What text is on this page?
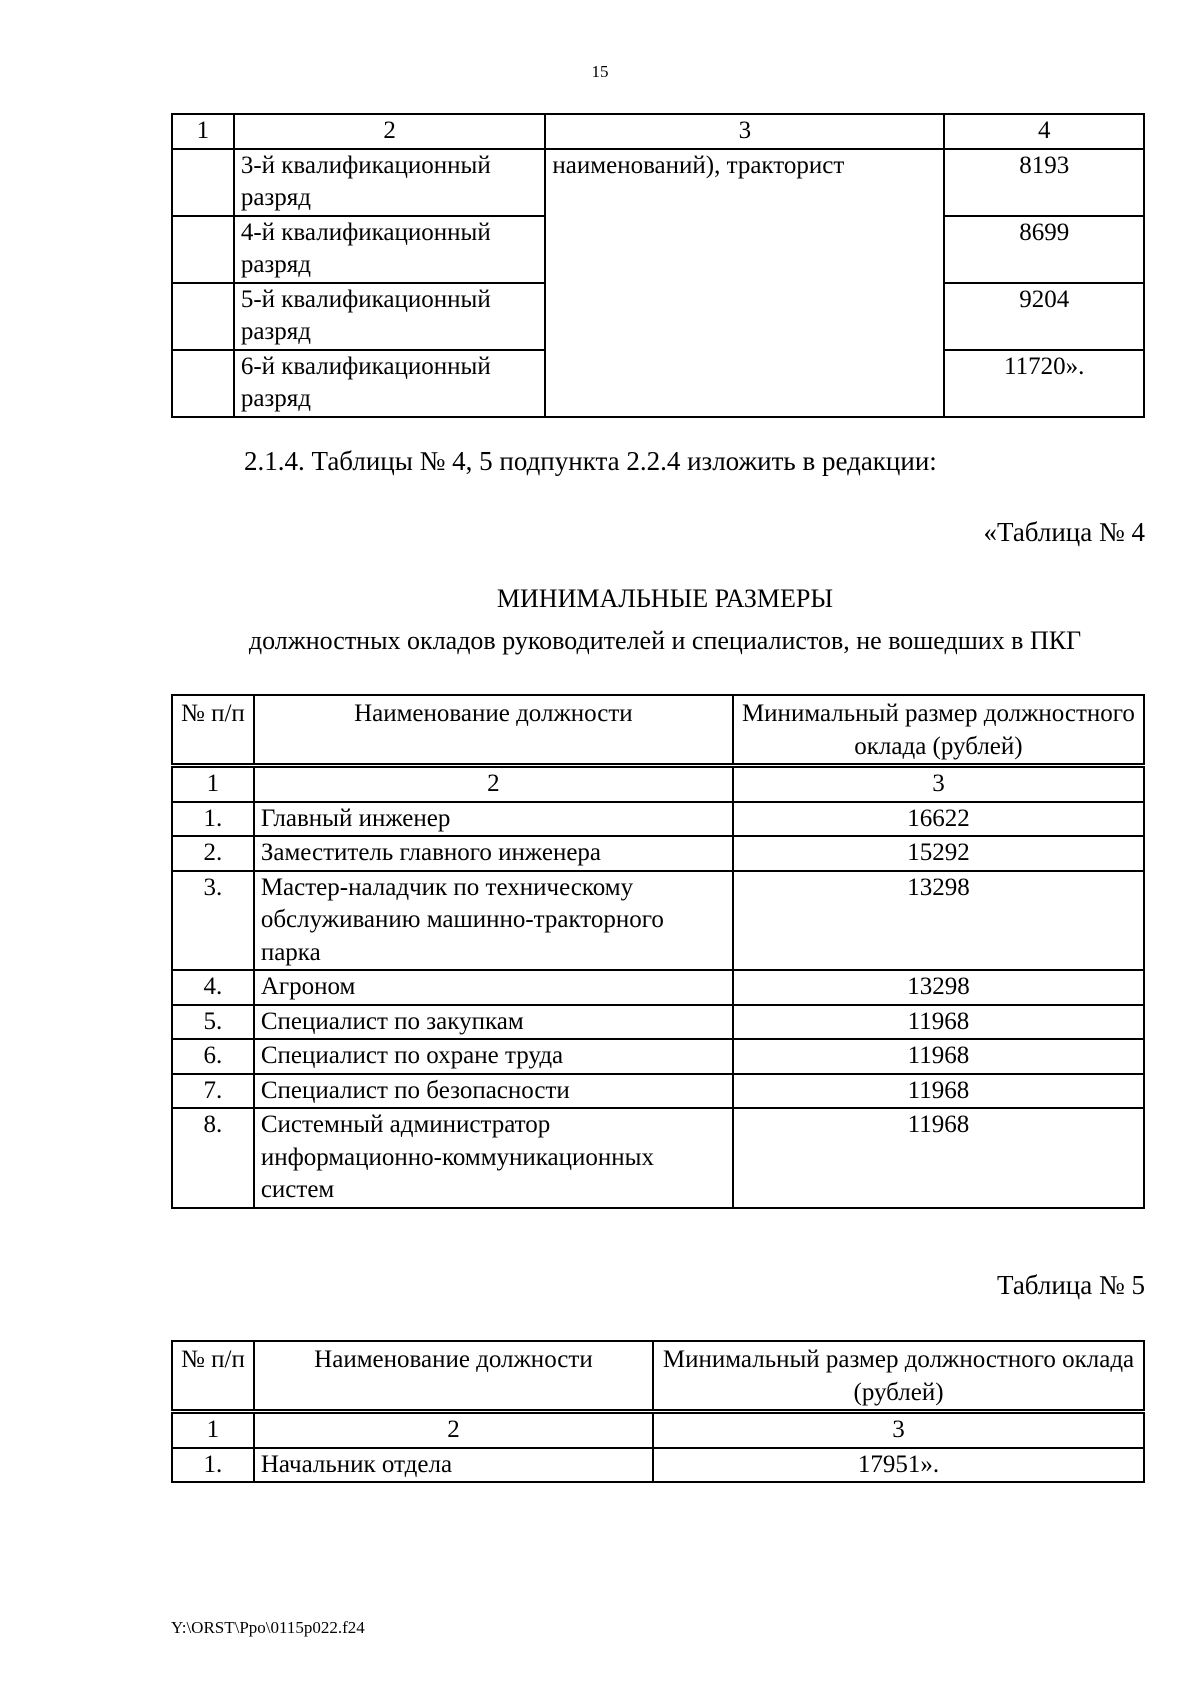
15
1	2	3	4
	3-й квалификационный разряд	наименований), тракторист	8193
	4-й квалификационный разряд		8699
	5-й квалификационный разряд		9204
	6-й квалификационный разряд		11720».
2.1.4. Таблицы № 4, 5 подпункта 2.2.4 изложить в редакции:
«Таблица № 4
МИНИМАЛЬНЫЕ РАЗМЕРЫ
должностных окладов руководителей и специалистов, не вошедших в ПКГ
№ п/п	Наименование должности	Минимальный размер должностного оклада (рублей)
1	2	3
1.	Главный инженер	16622
2.	Заместитель главного инженера	15292
3.	Мастер-наладчик по техническому обслуживанию машинно-тракторного парка	13298
4.	Агроном	13298
5.	Специалист по закупкам	11968
6.	Специалист по охране труда	11968
7.	Специалист по безопасности	11968
8.	Системный администратор информационно-коммуникационных систем	11968
Таблица № 5
№ п/п	Наименование должности	Минимальный размер должностного оклада (рублей)
1	2	3
1.	Начальник отдела	17951».
Y:\ORST\Ppo\0115p022.f24
